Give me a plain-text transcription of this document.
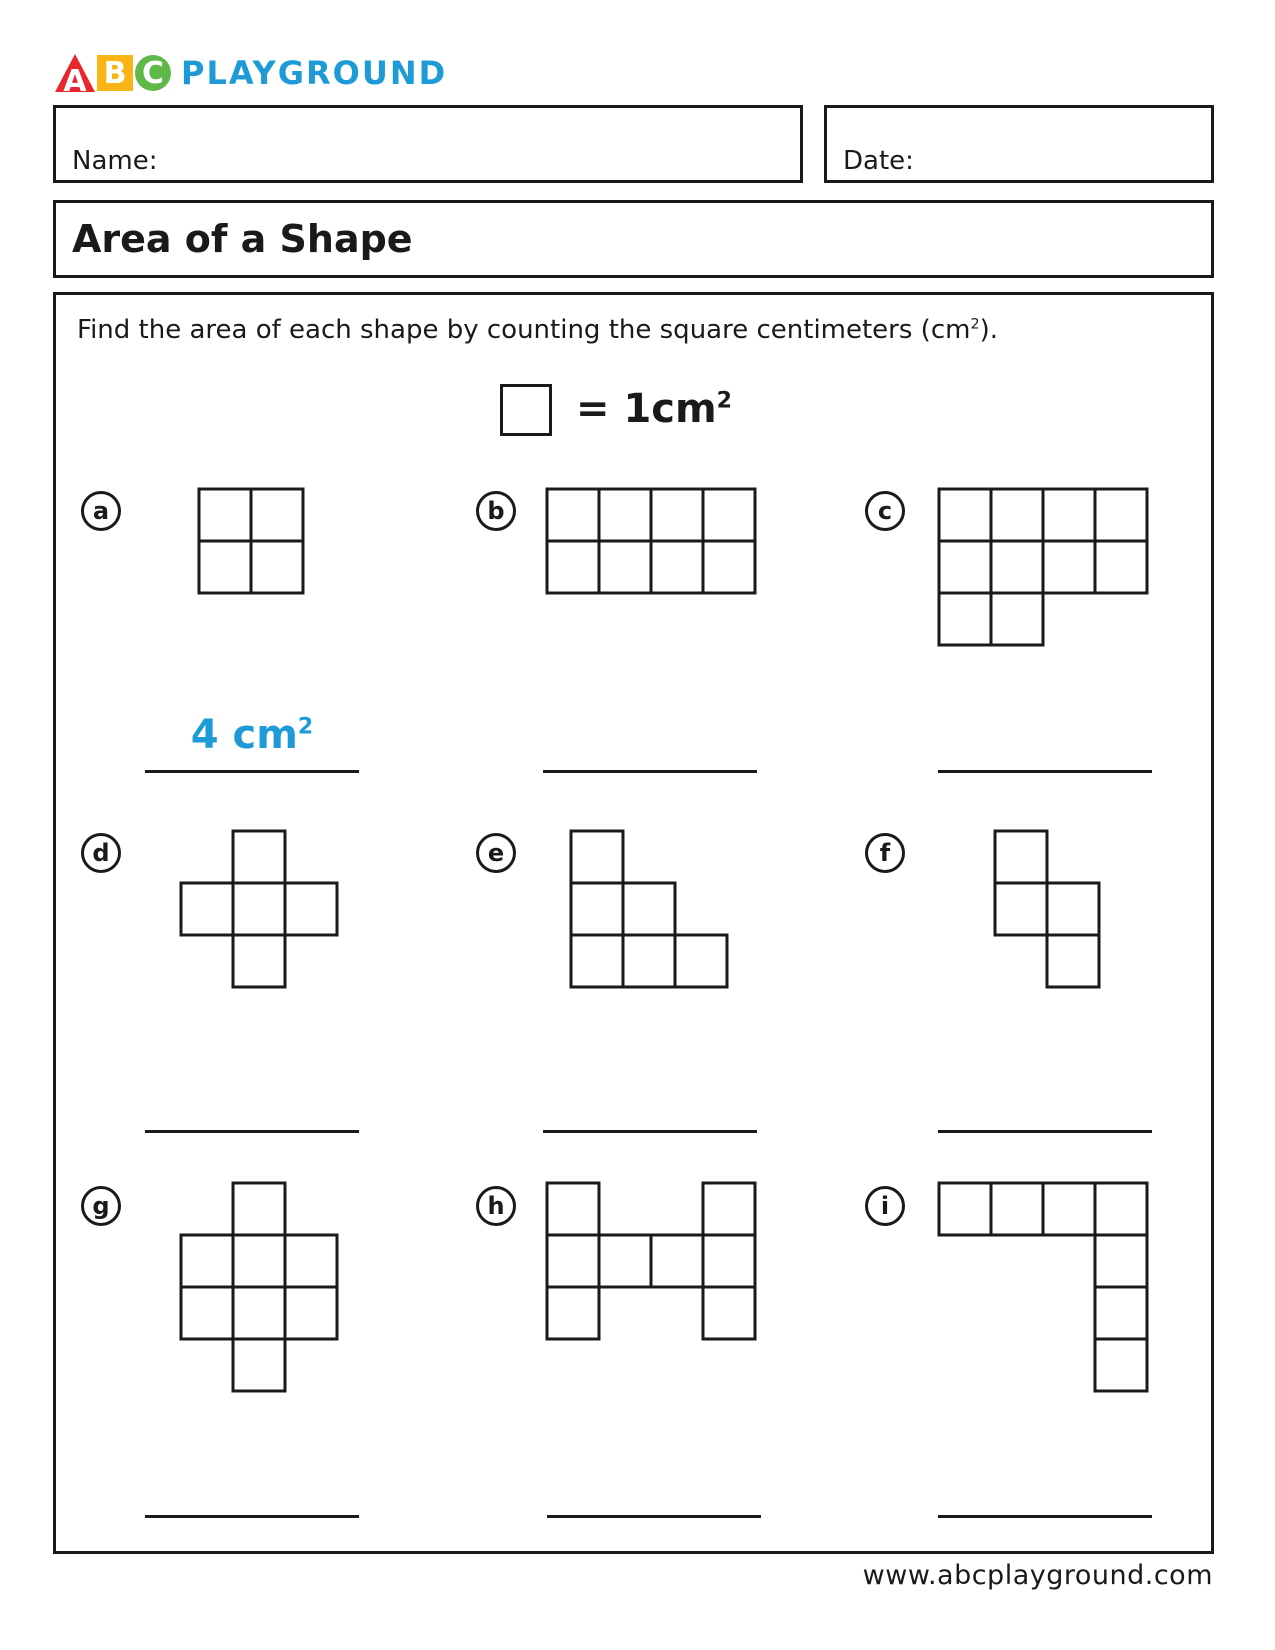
A B C PLAYGROUND
Name:	Date:
Area of a Shape
Find the area of each shape by counting the square centimeters $(cm^2)$.
= $1cm^2$
a
4 $cm^2$
b	c
d	e	f
g	h	i
www.abcplayground.com
